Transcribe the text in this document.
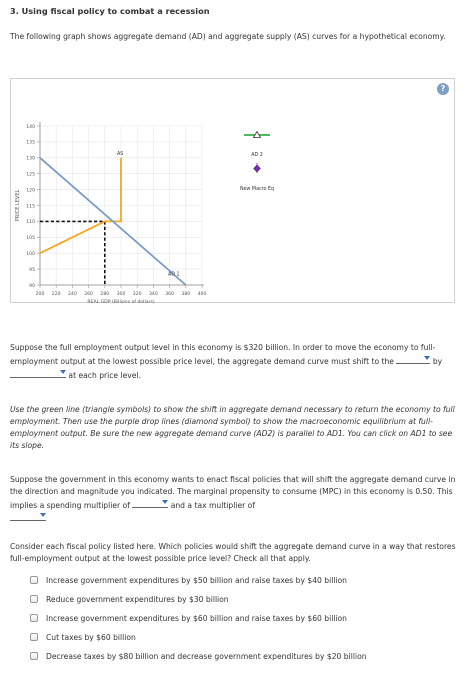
3. Using fiscal policy to combat a recession
The following graph shows aggregate demand (AD) and aggregate supply (AS) curves for a hypothetical economy.
?
140
135
130
125
120
115
110
105
100
95
90
200 220 240 260 280 300 320 340 360 380 400
PRICE LEVEL
REAL GDP (Billions of dollars)
AS
AD 1
AD 2
New Macro Eq
Suppose the full employment output level in this economy is $320 billion. In order to move the economy to full-employment output at the lowest possible price level, the aggregate demand curve must shift to the	by
at each price level.
Use the green line (triangle symbols) to show the shift in aggregate demand necessary to return the economy to full employment. Then use the purple drop lines (diamond symbol) to show the macroeconomic equilibrium at full-employment output. Be sure the new aggregate demand curve (AD2) is parallel to AD1. You can click on AD1 to see its slope.
Suppose the government in this economy wants to enact fiscal policies that will shift the aggregate demand curve in the direction and magnitude you indicated. The marginal propensity to consume (MPC) in this economy is 0.50. This implies a spending multiplier of	and a tax multiplier of
Consider each fiscal policy listed here. Which policies would shift the aggregate demand curve in a way that restores full-employment output at the lowest possible price level? Check all that apply.
Increase government expenditures by $50 billion and raise taxes by $40 billion
Reduce government expenditures by $30 billion
Increase government expenditures by $60 billion and raise taxes by $60 billion
Cut taxes by $60 billion
Decrease taxes by $80 billion and decrease government expenditures by $20 billion
